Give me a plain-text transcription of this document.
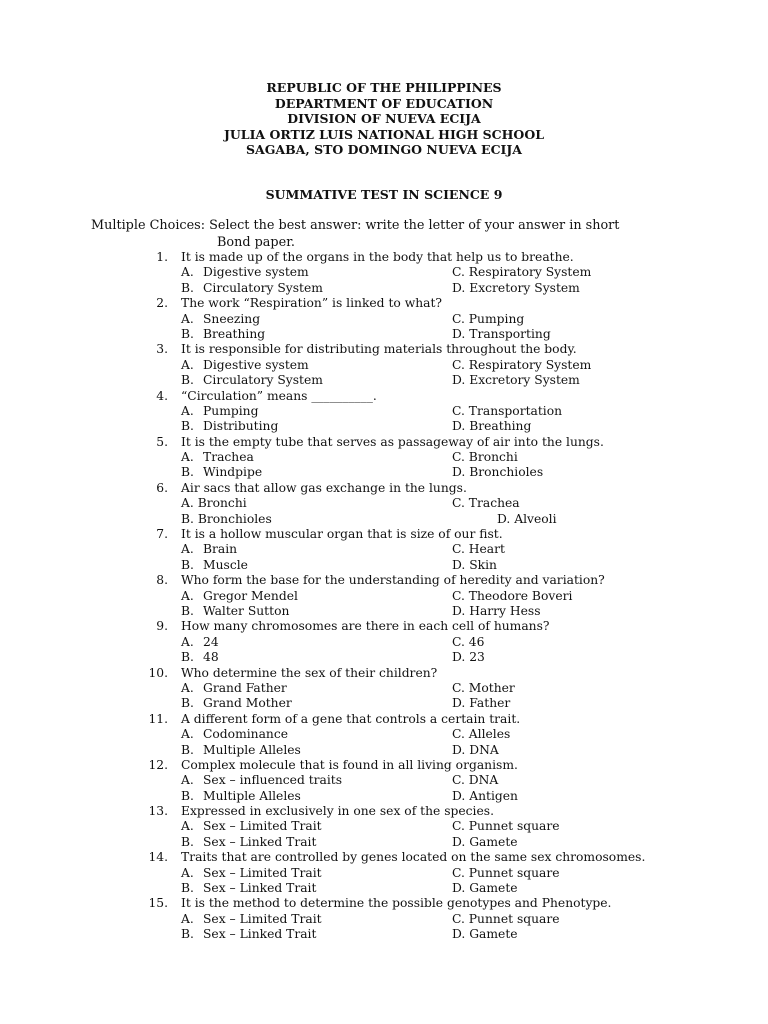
REPUBLIC OF THE PHILIPPINES
DEPARTMENT OF EDUCATION
DIVISION OF NUEVA ECIJA
JULIA ORTIZ LUIS NATIONAL HIGH SCHOOL
SAGABA, STO DOMINGO NUEVA ECIJA
SUMMATIVE TEST IN SCIENCE 9
Multiple Choices: Select the best answer: write the letter of your answer in short
Bond paper.
1. It is made up of the organs in the body that help us to breathe.
A. Digestive system	C. Respiratory System
B. Circulatory System	D. Excretory System
2. The work “Respiration” is linked to what?
A. Sneezing	C. Pumping
B. Breathing	D. Transporting
3. It is responsible for distributing materials throughout the body.
A. Digestive system	C. Respiratory System
B. Circulatory System	D. Excretory System
4. “Circulation” means __________.
A. Pumping	C. Transportation
B. Distributing	D. Breathing
5. It is the empty tube that serves as passageway of air into the lungs.
A. Trachea	C. Bronchi
B. Windpipe	D. Bronchioles
6. Air sacs that allow gas exchange in the lungs.
A. Bronchi	C. Trachea
B. Bronchioles	D. Alveoli
7. It is a hollow muscular organ that is size of our fist.
A. Brain	C. Heart
B. Muscle	D. Skin
8. Who form the base for the understanding of heredity and variation?
A. Gregor Mendel	C. Theodore Boveri
B. Walter Sutton	D. Harry Hess
9. How many chromosomes are there in each cell of humans?
A. 24	C. 46
B. 48	D. 23
10. Who determine the sex of their children?
A. Grand Father	C. Mother
B. Grand Mother	D. Father
11. A different form of a gene that controls a certain trait.
A. Codominance	C. Alleles
B. Multiple Alleles	D. DNA
12. Complex molecule that is found in all living organism.
A. Sex – influenced traits	C. DNA
B. Multiple Alleles	D. Antigen
13. Expressed in exclusively in one sex of the species.
A. Sex – Limited Trait	C. Punnet square
B. Sex – Linked Trait	D. Gamete
14. Traits that are controlled by genes located on the same sex chromosomes.
A. Sex – Limited Trait	C. Punnet square
B. Sex – Linked Trait	D. Gamete
15. It is the method to determine the possible genotypes and Phenotype.
A. Sex – Limited Trait	C. Punnet square
B. Sex – Linked Trait	D. Gamete
